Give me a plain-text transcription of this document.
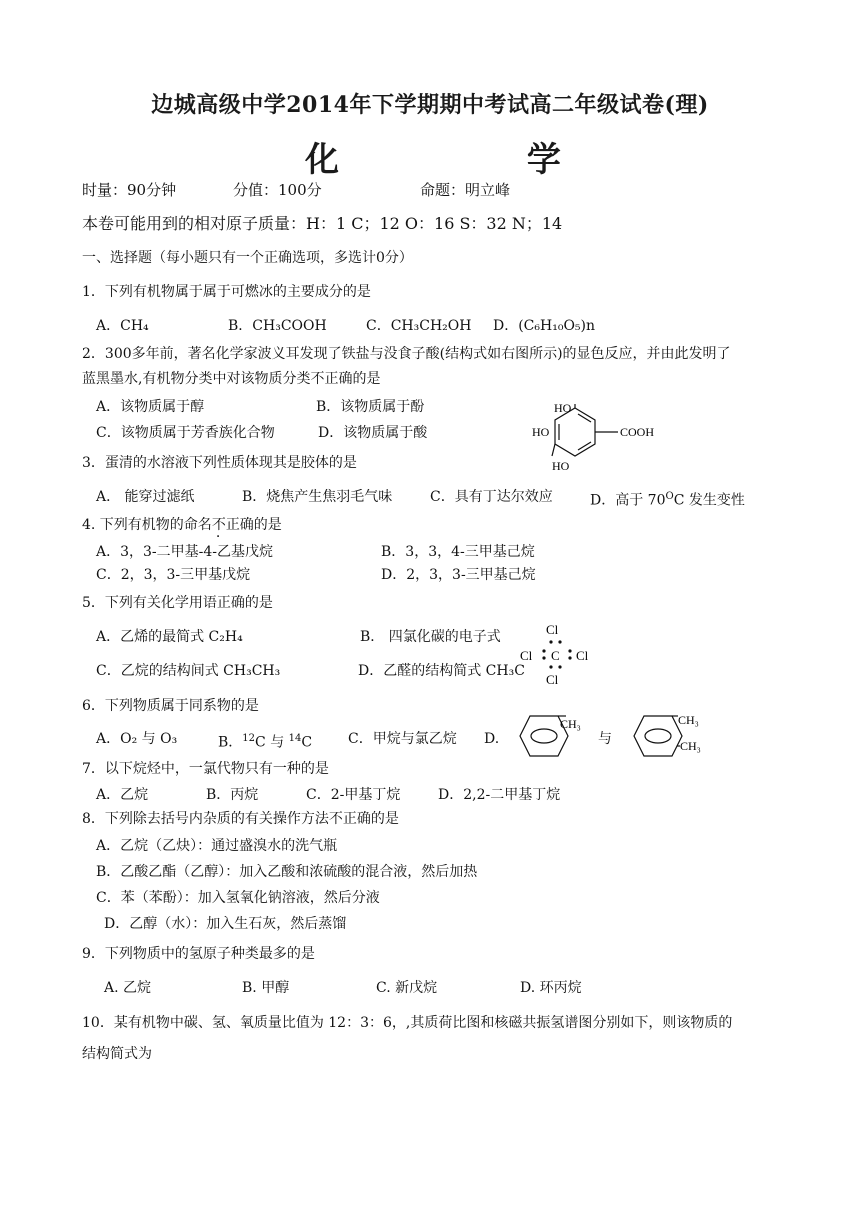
边城高级中学2014年下学期期中考试高二年级试卷(理)
化 学
时量：90分钟	分值：100分	命题：明立峰
本卷可能用到的相对原子质量：H：1 C；12 O：16 S：32 N；14
一、选择题（每小题只有一个正确选项，多选计0分）
1．下列有机物属于属于可燃冰的主要成分的是
A．CH₄	B．CH₃COOH	C．CH₃CH₂OH D．(C₆H₁₀O₅)n
2．300多年前，著名化学家波义耳发现了铁盐与没食子酸(结构式如右图所示)的显色反应，并由此发明了
蓝黑墨水,有机物分类中对该物质分类不正确的是
A．该物质属于醇	B．该物质属于酚
C．该物质属于芳香族化合物	D．该物质属于酸
HO
HO
HO
COOH
3．蛋清的水溶液下列性质体现其是胶体的是
A． 能穿过滤纸	B．烧焦产生焦羽毛气味	C．具有丁达尔效应	D．高于 $70^OC$ 发生变性
4. 下列有机物的命名不正确的是
A．3，3-二甲基-4-乙基戊烷	B．3，3，4-三甲基己烷
C．2，3，3-三甲基戊烷	D．2，3，3-三甲基己烷
5．下列有关化学用语正确的是
A．乙烯的最简式 C₂H₄	B． 四氯化碳的电子式
C．乙烷的结构间式 CH₃CH₃	D．乙醛的结构简式 CH₃C
Cl
Cl C Cl
Cl
6．下列物质属于同系物的是
A．O₂ 与 O₃	B．$^{12}$C 与 $^{14}$C	C．甲烷与氯乙烷 D.
CH₃
与
CH₃
CH₃
7．以下烷烃中，一氯代物只有一种的是
A．乙烷	B．丙烷	C．2-甲基丁烷	D．2,2-二甲基丁烷
8．下列除去括号内杂质的有关操作方法不正确的是
A．乙烷（乙炔）：通过盛溴水的洗气瓶
B．乙酸乙酯（乙醇）：加入乙酸和浓硫酸的混合液，然后加热
C．苯（苯酚）：加入氢氧化钠溶液，然后分液
D．乙醇（水）：加入生石灰，然后蒸馏
9．下列物质中的氢原子种类最多的是
A. 乙烷	B. 甲醇	C. 新戊烷	D. 环丙烷
10．某有机物中碳、氢、氧质量比值为 12：3：6，,其质荷比图和核磁共振氢谱图分别如下，则该物质的
结构简式为
